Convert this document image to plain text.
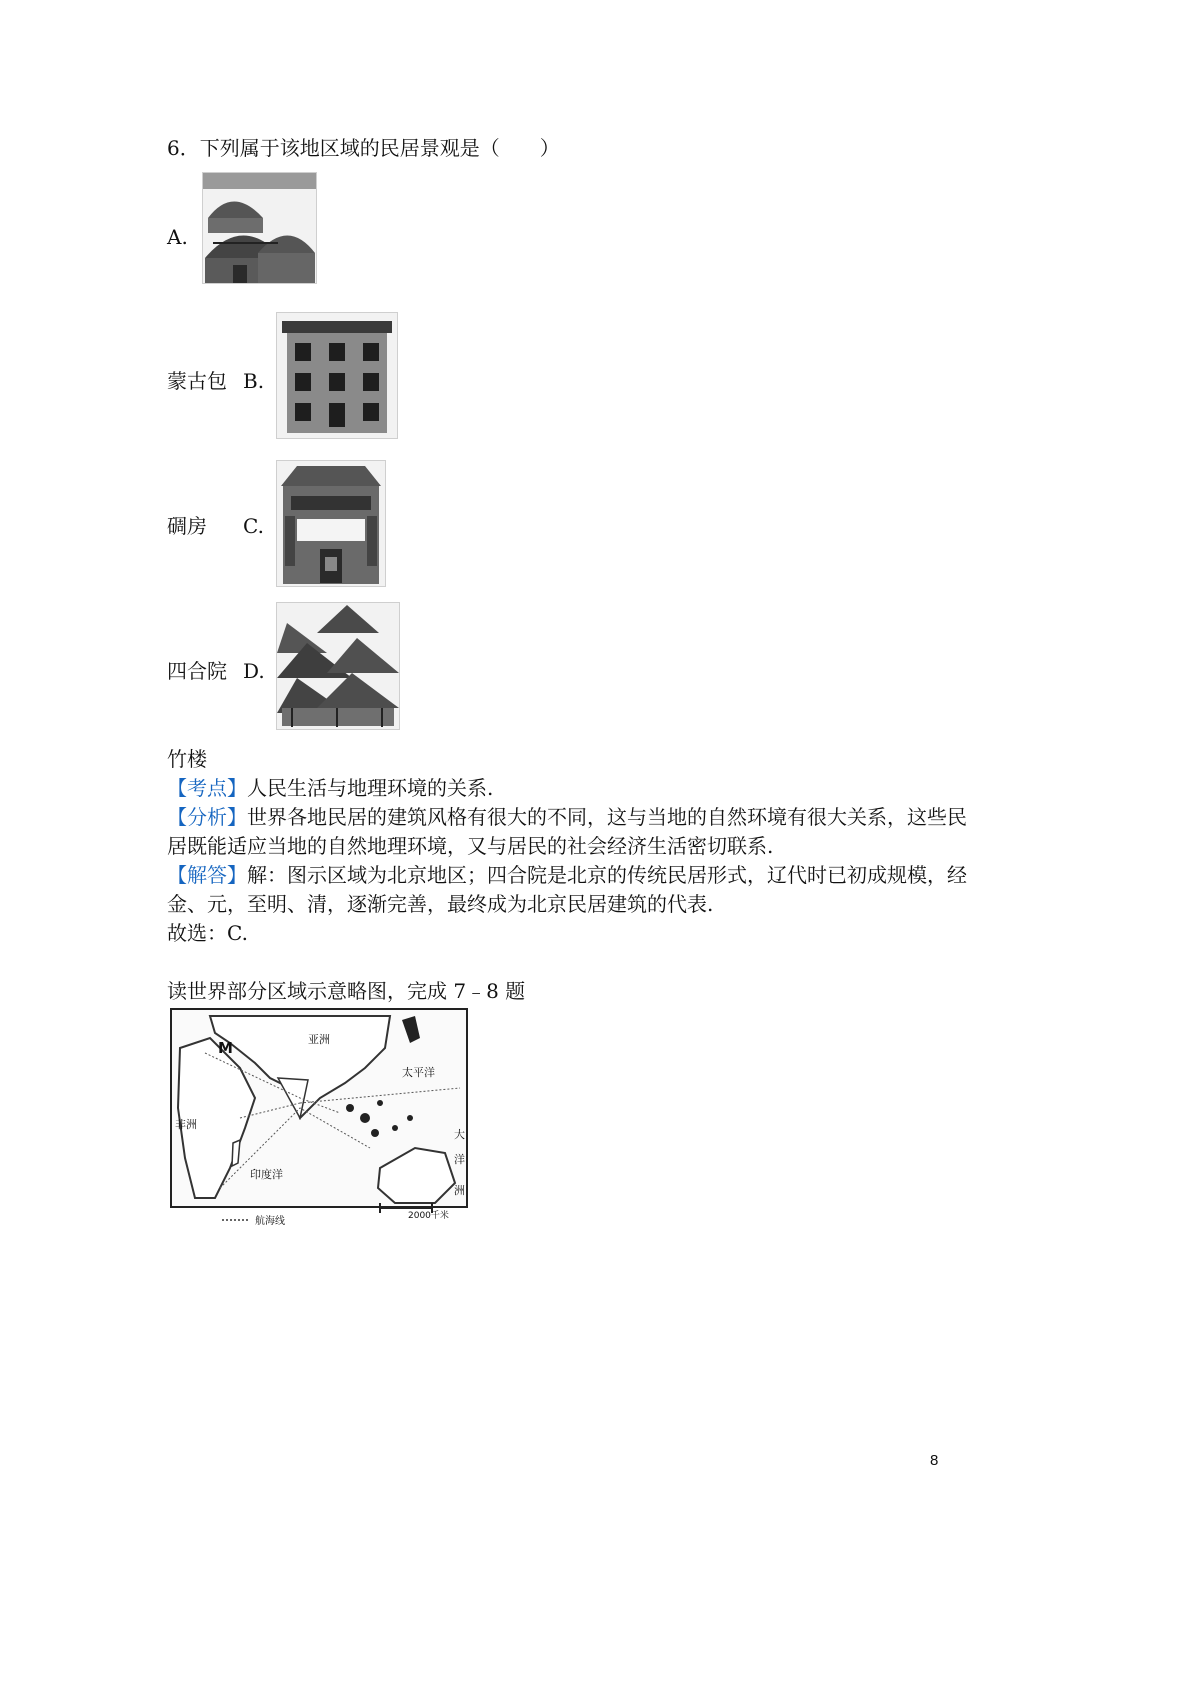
6．下列属于该地区域的民居景观是（　　）
A.
蒙古包 B.
碉房 C.
四合院 D.
竹楼
【考点】人民生活与地理环境的关系.
【分析】世界各地民居的建筑风格有很大的不同，这与当地的自然环境有很大关系，这些民
居既能适应当地的自然地理环境，又与居民的社会经济生活密切联系.
【解答】解：图示区域为北京地区；四合院是北京的传统民居形式，辽代时已初成规模，经
金、元，至明、清，逐渐完善，最终成为北京民居建筑的代表.
故选：C.
读世界部分区域示意略图，完成 7﹣8 题
M	亚洲
太平洋
非洲
印度洋
大
洋
洲
2000千米
航海线
8
